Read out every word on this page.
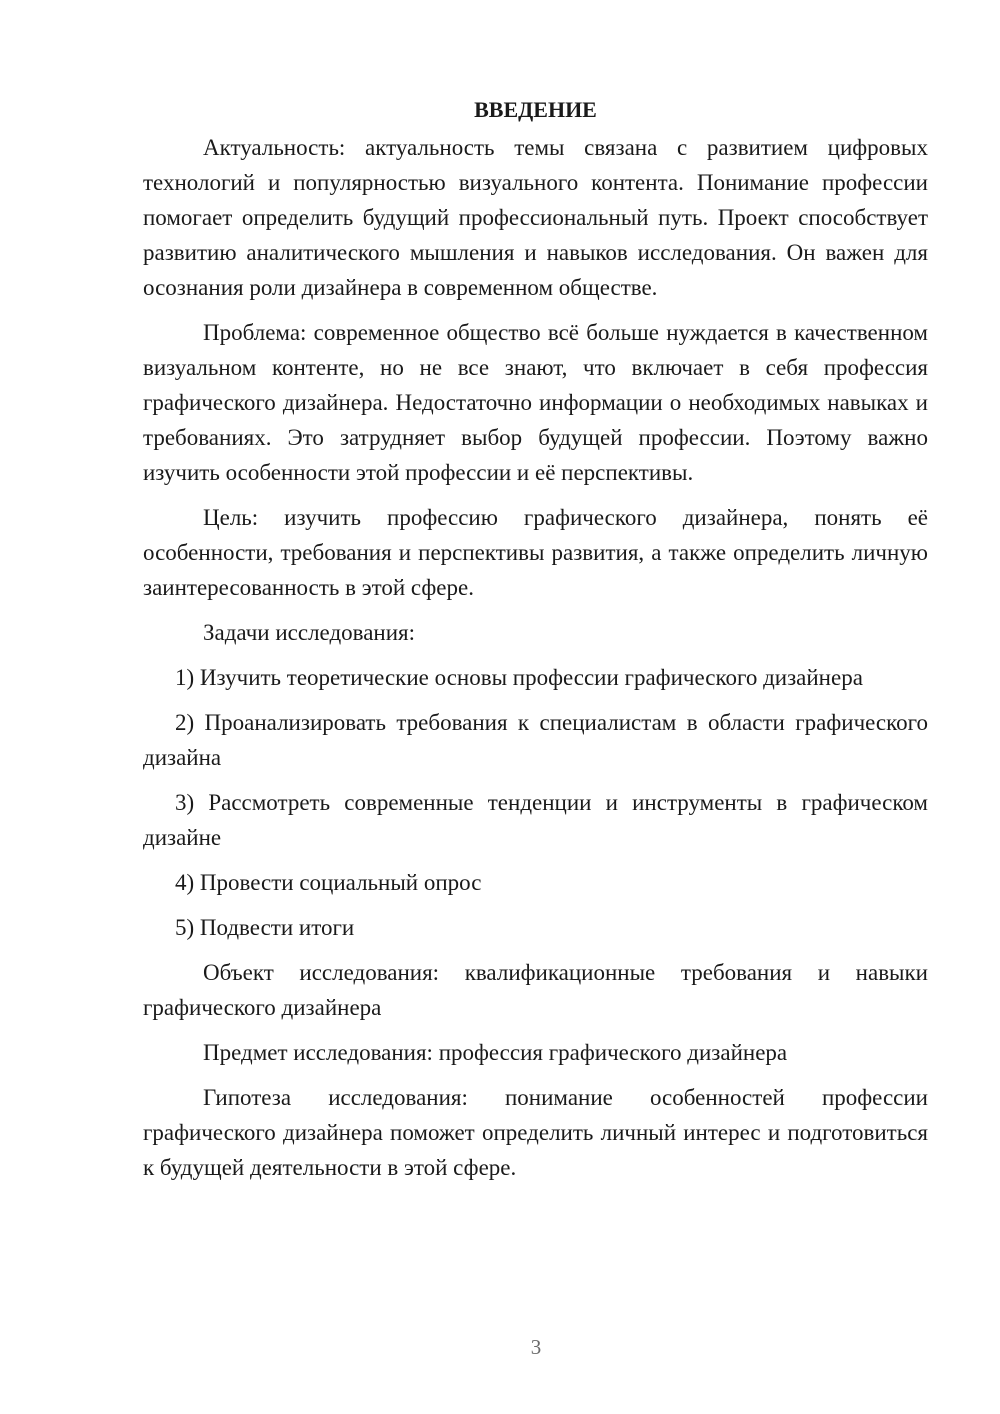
ВВЕДЕНИЕ

Актуальность: актуальность темы связана с развитием цифровых технологий и популярностью визуального контента. Понимание профессии помогает определить будущий профессиональный путь. Проект способствует развитию аналитического мышления и навыков исследования. Он важен для осознания роли дизайнера в современном обществе.

Проблема: современное общество всё больше нуждается в качественном визуальном контенте, но не все знают, что включает в себя профессия графического дизайнера. Недостаточно информации о необходимых навыках и требованиях. Это затрудняет выбор будущей профессии. Поэтому важно изучить особенности этой профессии и её перспективы.

Цель: изучить профессию графического дизайнера, понять её особенности, требования и перспективы развития, а также определить личную заинтересованность в этой сфере.

Задачи исследования:

1) Изучить теоретические основы профессии графического дизайнера

2) Проанализировать требования к специалистам в области графического дизайна

3) Рассмотреть современные тенденции и инструменты в графическом дизайне

4) Провести социальный опрос

5) Подвести итоги

Объект исследования: квалификационные требования и навыки графического дизайнера

Предмет исследования: профессия графического дизайнера

Гипотеза исследования: понимание особенностей профессии графического дизайнера поможет определить личный интерес и подготовиться к будущей деятельности в этой сфере.

3
